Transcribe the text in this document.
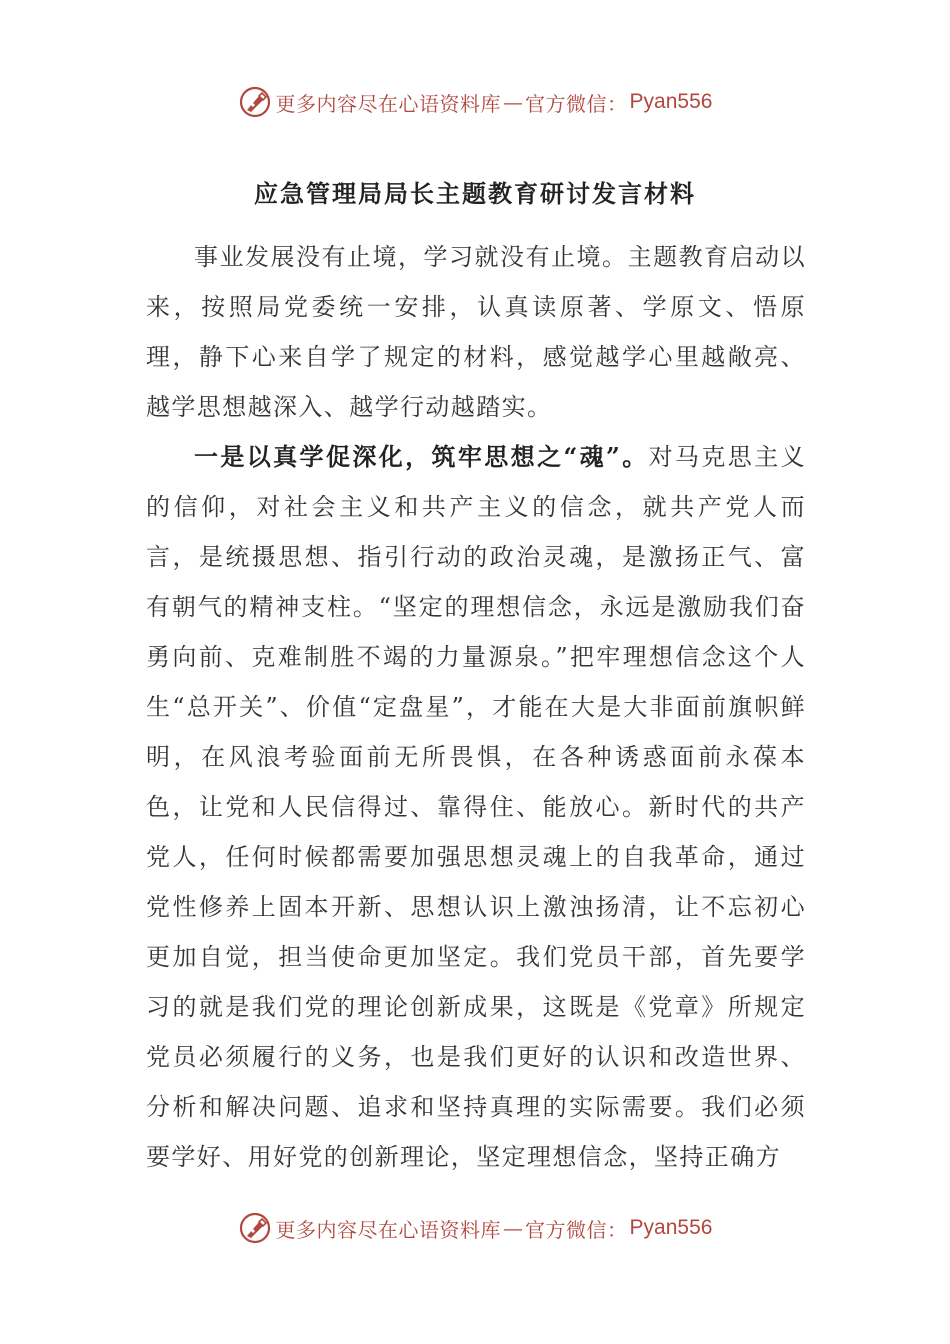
更多内容尽在心语资料库 — 官方微信： Pyan556
应急管理局局长主题教育研讨发言材料

事业发展没有止境，学习就没有止境。主题教育启动以来，按照局党委统一安排，认真读原著、学原文、悟原理，静下心来自学了规定的材料，感觉越学心里越敞亮、越学思想越深入、越学行动越踏实。

一是以真学促深化，筑牢思想之“魂”。对马克思主义的信仰，对社会主义和共产主义的信念，就共产党人而言，是统摄思想、指引行动的政治灵魂，是激扬正气、富有朝气的精神支柱。“坚定的理想信念，永远是激励我们奋勇向前、克难制胜不竭的力量源泉。”把牢理想信念这个人生“总开关”、价值“定盘星”，才能在大是大非面前旗帜鲜明，在风浪考验面前无所畏惧，在各种诱惑面前永葆本色，让党和人民信得过、靠得住、能放心。新时代的共产党人，任何时候都需要加强思想灵魂上的自我革命，通过党性修养上固本开新、思想认识上激浊扬清，让不忘初心更加自觉，担当使命更加坚定。我们党员干部，首先要学习的就是我们党的理论创新成果，这既是《党章》所规定党员必须履行的义务，也是我们更好的认识和改造世界、分析和解决问题、追求和坚持真理的实际需要。我们必须要学好、用好党的创新理论，坚定理想信念，坚持正确方

更多内容尽在心语资料库 — 官方微信： Pyan556
